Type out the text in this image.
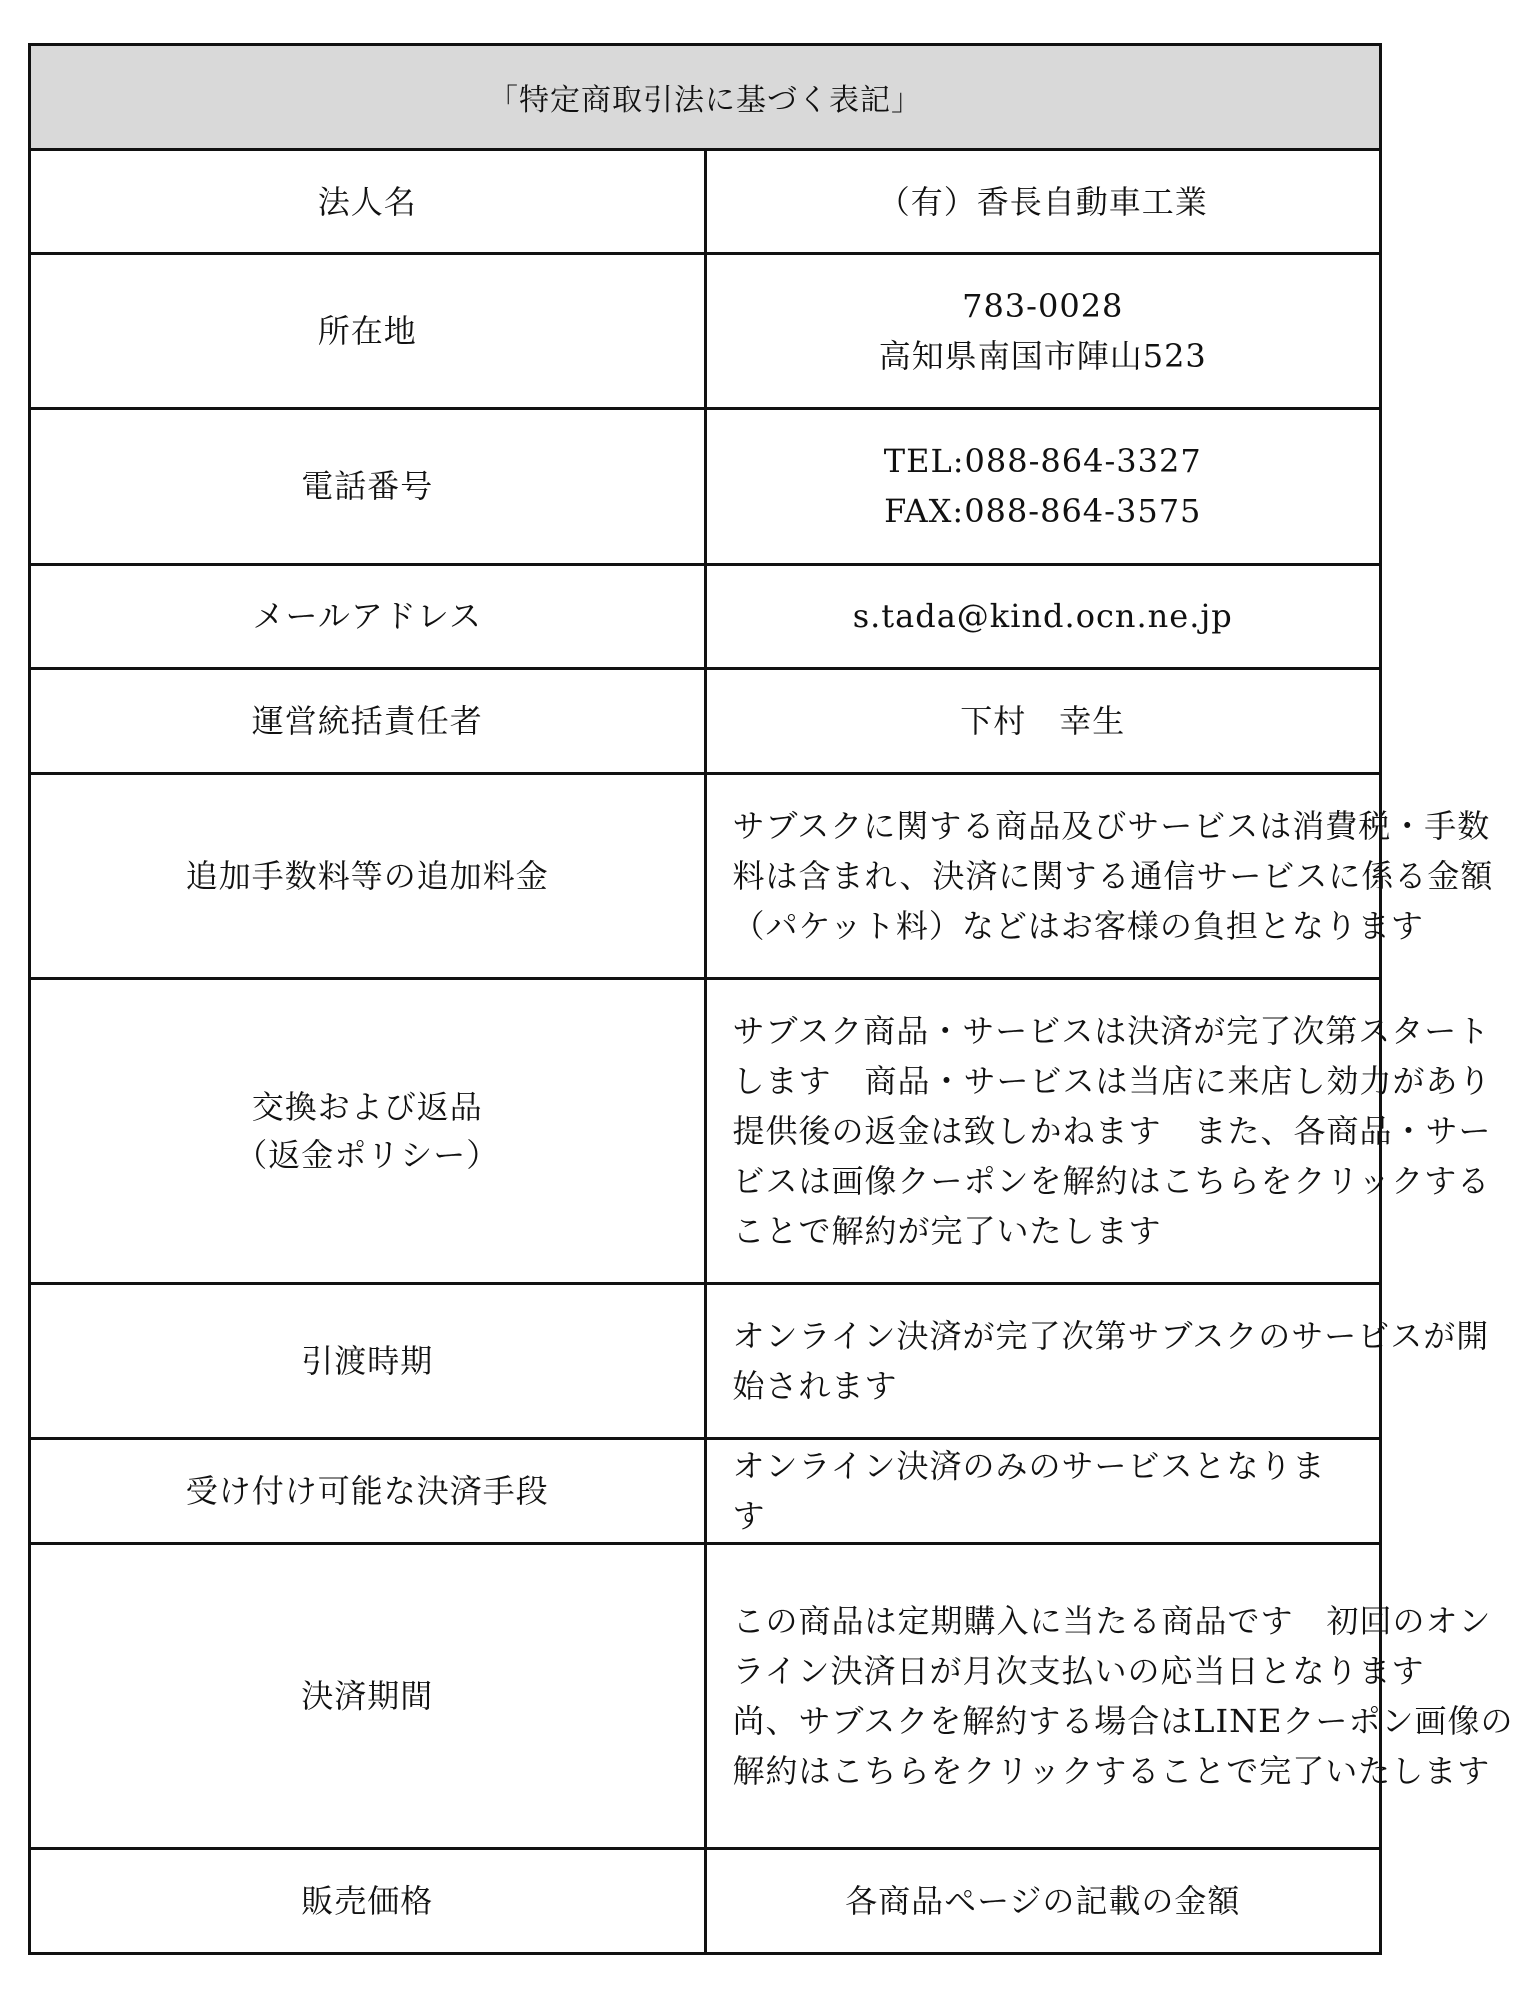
「特定商取引法に基づく表記」	
法人名	（有）香長自動車工業
所在地	783-0028
高知県南国市陣山523

電話番号	TEL:088-864-3327
FAX:088-864-3575

メールアドレス	s.tada@kind.ocn.ne.jp
運営統括責任者	下村　幸生
追加手数料等の追加料金	サブスクに関する商品及びサービスは消費税・手数
料は含まれ、決済に関する通信サービスに係る金額
（パケット料）などはお客様の負担となります

交換および返品
（返金ポリシー）	サブスク商品・サービスは決済が完了次第スタート
します　商品・サービスは当店に来店し効力があり
提供後の返金は致しかねます　また、各商品・サー
ビスは画像クーポンを解約はこちらをクリックする
ことで解約が完了いたします

引渡時期	オンライン決済が完了次第サブスクのサービスが開
始されます

受け付け可能な決済手段	オンライン決済のみのサービスとなります
決済期間	この商品は定期購入に当たる商品です　初回のオン
ライン決済日が月次支払いの応当日となります
尚、サブスクを解約する場合はLINEクーポン画像の
解約はこちらをクリックすることで完了いたします

販売価格	各商品ページの記載の金額
